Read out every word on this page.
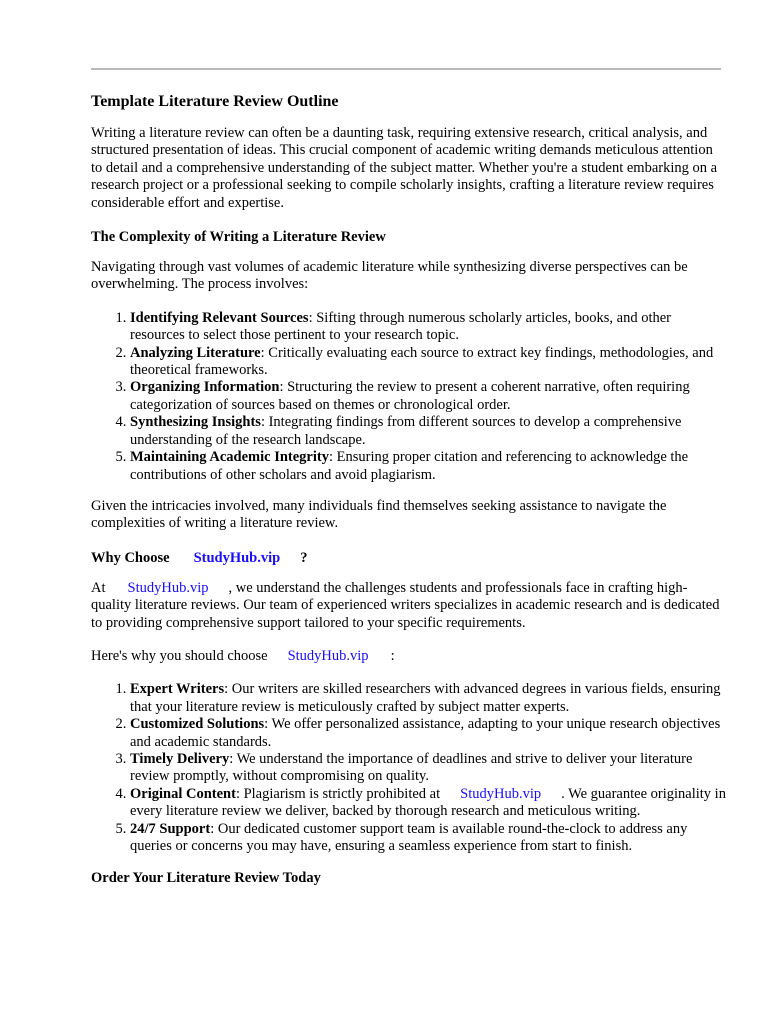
Template Literature Review Outline

Writing a literature review can often be a daunting task, requiring extensive research, critical analysis, and structured presentation of ideas. This crucial component of academic writing demands meticulous attention to detail and a comprehensive understanding of the subject matter. Whether you're a student embarking on a research project or a professional seeking to compile scholarly insights, crafting a literature review requires considerable effort and expertise.

The Complexity of Writing a Literature Review

Navigating through vast volumes of academic literature while synthesizing diverse perspectives can be overwhelming. The process involves:

1. Identifying Relevant Sources: Sifting through numerous scholarly articles, books, and other resources to select those pertinent to your research topic.
2. Analyzing Literature: Critically evaluating each source to extract key findings, methodologies, and theoretical frameworks.
3. Organizing Information: Structuring the review to present a coherent narrative, often requiring categorization of sources based on themes or chronological order.
4. Synthesizing Insights: Integrating findings from different sources to develop a comprehensive understanding of the research landscape.
5. Maintaining Academic Integrity: Ensuring proper citation and referencing to acknowledge the contributions of other scholars and avoid plagiarism.

Given the intricacies involved, many individuals find themselves seeking assistance to navigate the complexities of writing a literature review.

Why Choose StudyHub.vip ?

At StudyHub.vip , we understand the challenges students and professionals face in crafting high-quality literature reviews. Our team of experienced writers specializes in academic research and is dedicated to providing comprehensive support tailored to your specific requirements.

Here's why you should choose StudyHub.vip :

1. Expert Writers: Our writers are skilled researchers with advanced degrees in various fields, ensuring that your literature review is meticulously crafted by subject matter experts.
2. Customized Solutions: We offer personalized assistance, adapting to your unique research objectives and academic standards.
3. Timely Delivery: We understand the importance of deadlines and strive to deliver your literature review promptly, without compromising on quality.
4. Original Content: Plagiarism is strictly prohibited at StudyHub.vip . We guarantee originality in every literature review we deliver, backed by thorough research and meticulous writing.
5. 24/7 Support: Our dedicated customer support team is available round-the-clock to address any queries or concerns you may have, ensuring a seamless experience from start to finish.
Order Your Literature Review Today
